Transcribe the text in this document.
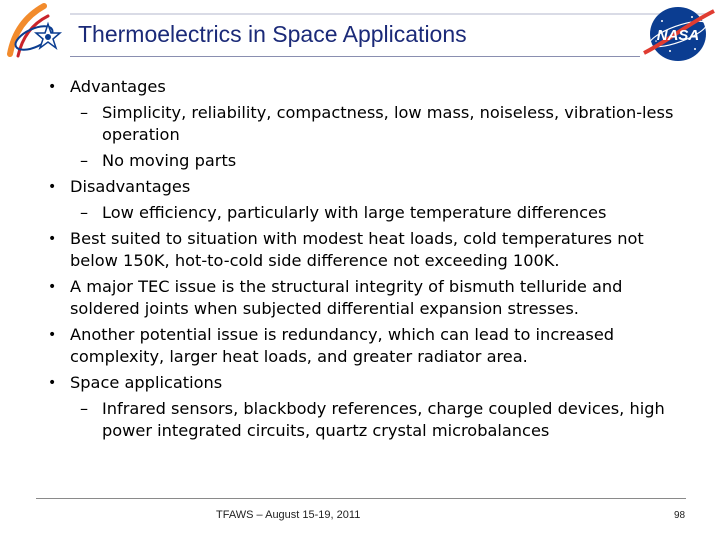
Thermoelectrics in Space Applications	NASA
• Advantages
– Simplicity, reliability, compactness, low mass, noiseless, vibration-less operation
– No moving parts
• Disadvantages
– Low efficiency, particularly with large temperature differences
• Best suited to situation with modest heat loads, cold temperatures not below 150K, hot-to-cold side difference not exceeding 100K.
• A major TEC issue is the structural integrity of bismuth telluride and soldered joints when subjected differential expansion stresses.
• Another potential issue is redundancy, which can lead to increased complexity, larger heat loads, and greater radiator area.
• Space applications
– Infrared sensors, blackbody references, charge coupled devices, high power integrated circuits, quartz crystal microbalances
TFAWS – August 15-19, 2011	98
